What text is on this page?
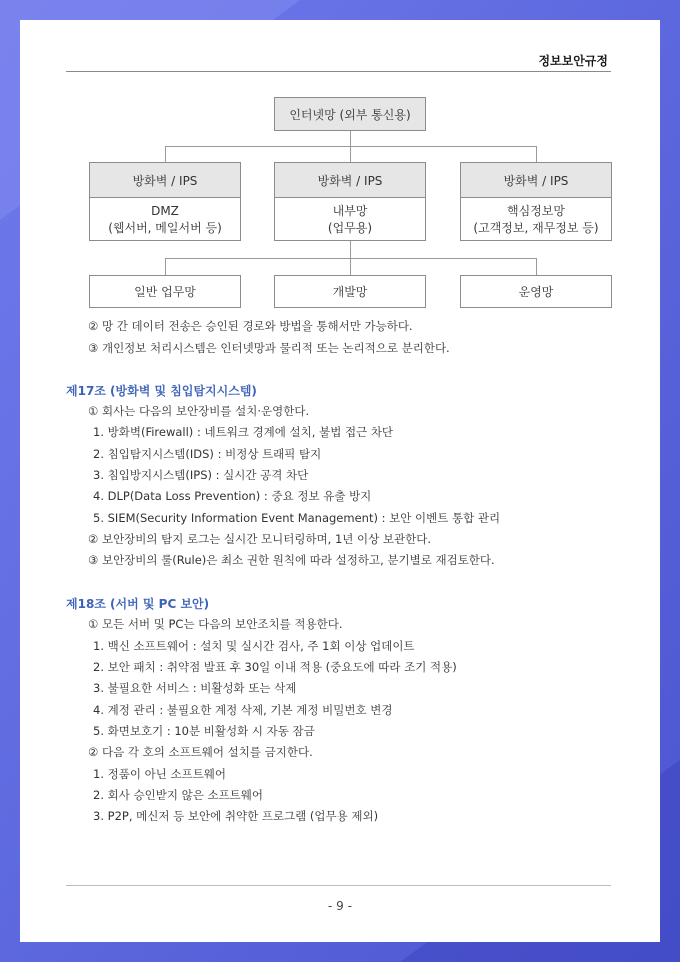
정보보안규정
인터넷망 (외부 통신용)
방화벽 / IPS
DMZ
(웹서버, 메일서버 등)
방화벽 / IPS
내부망
(업무용)
방화벽 / IPS
핵심정보망
(고객정보, 재무정보 등)
일반 업무망	개발망	운영망
② 망 간 데이터 전송은 승인된 경로와 방법을 통해서만 가능하다.
③ 개인정보 처리시스템은 인터넷망과 물리적 또는 논리적으로 분리한다.
제17조 (방화벽 및 침입탐지시스템)
① 회사는 다음의 보안장비를 설치·운영한다.
1. 방화벽(Firewall) : 네트워크 경계에 설치, 불법 접근 차단
2. 침입탐지시스템(IDS) : 비정상 트래픽 탐지
3. 침입방지시스템(IPS) : 실시간 공격 차단
4. DLP(Data Loss Prevention) : 중요 정보 유출 방지
5. SIEM(Security Information Event Management) : 보안 이벤트 통합 관리
② 보안장비의 탐지 로그는 실시간 모니터링하며, 1년 이상 보관한다.
③ 보안장비의 룰(Rule)은 최소 권한 원칙에 따라 설정하고, 분기별로 재검토한다.
제18조 (서버 및 PC 보안)
① 모든 서버 및 PC는 다음의 보안조치를 적용한다.
1. 백신 소프트웨어 : 설치 및 실시간 검사, 주 1회 이상 업데이트
2. 보안 패치 : 취약점 발표 후 30일 이내 적용 (중요도에 따라 조기 적용)
3. 불필요한 서비스 : 비활성화 또는 삭제
4. 계정 관리 : 불필요한 계정 삭제, 기본 계정 비밀번호 변경
5. 화면보호기 : 10분 비활성화 시 자동 잠금
② 다음 각 호의 소프트웨어 설치를 금지한다.
1. 정품이 아닌 소프트웨어
2. 회사 승인받지 않은 소프트웨어
3. P2P, 메신저 등 보안에 취약한 프로그램 (업무용 제외)
- 9 -
